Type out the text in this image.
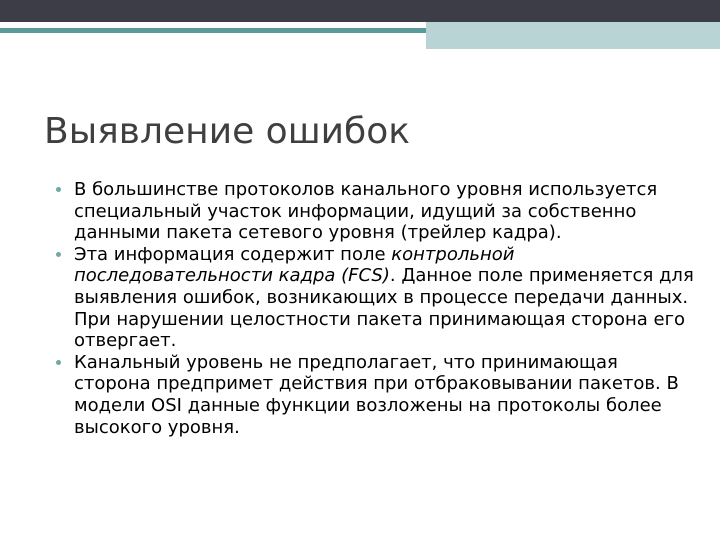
Выявление ошибок
В большинстве протоколов канального уровня используется специальный участок информации, идущий за собственно данными пакета сетевого уровня (трейлер кадра).
Эта информация содержит поле контрольной последовательности кадра (FCS). Данное поле применяется для выявления ошибок, возникающих в процессе передачи данных. При нарушении целостности пакета принимающая сторона его отвергает.
Канальный уровень не предполагает, что принимающая сторона предпримет действия при отбраковывании пакетов. В модели OSI данные функции возложены на протоколы более высокого уровня.
